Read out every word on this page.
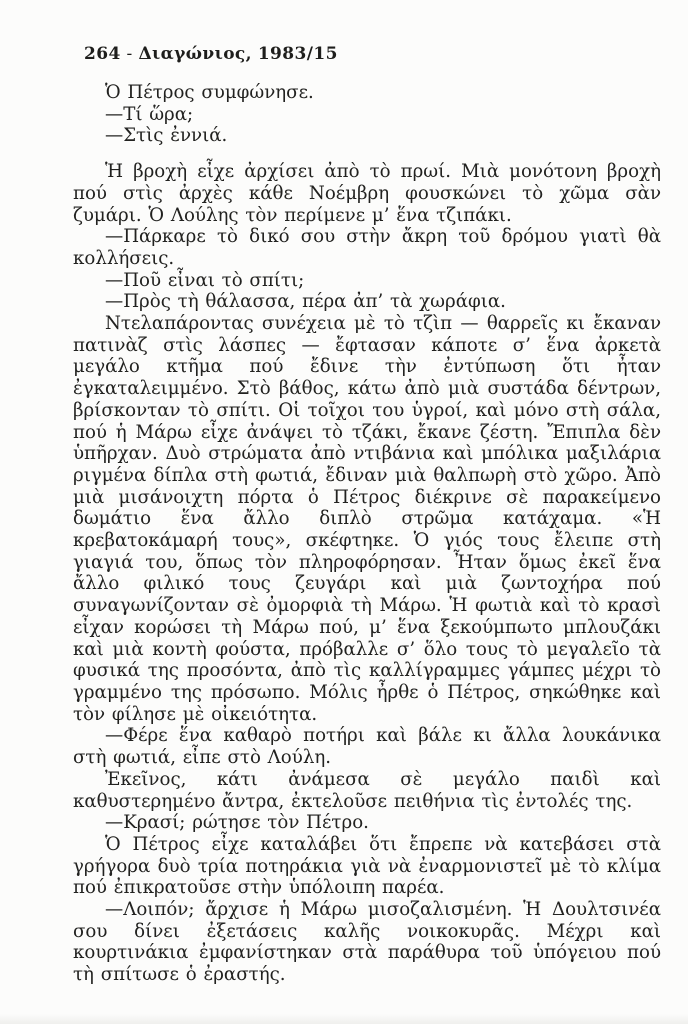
264 - Διαγώνιος, 1983/15

Ὁ Πέτρος συμφώνησε.

—Τί ὥρα;

—Στὶς ἐννιά.

Ἡ βροχὴ εἶχε ἀρχίσει ἀπὸ τὸ πρωί. Μιὰ μονότονη βροχὴ πού στὶς ἀρχὲς κάθε Νοέμβρη φουσκώνει τὸ χῶμα σὰν ζυμάρι. Ὁ Λούλης τὸν περίμενε μ’ ἕνα τζιπάκι.

—Πάρκαρε τὸ δικό σου στὴν ἄκρη τοῦ δρόμου γιατὶ θὰ κολλήσεις.

—Ποῦ εἶναι τὸ σπίτι;

—Πρὸς τὴ θάλασσα, πέρα ἀπ’ τὰ χωράφια.

Ντελαπάροντας συνέχεια μὲ τὸ τζὶπ — θαρρεῖς κι ἔκαναν πατινὰζ στὶς λάσπες — ἔφτασαν κάποτε σ’ ἕνα ἀρκετὰ μεγάλο κτῆμα πού ἔδινε τὴν ἐντύπωση ὅτι ἦταν ἐγκαταλειμμένο. Στὸ βάθος, κάτω ἀπὸ μιὰ συστάδα δέντρων, βρίσκονταν τὸ σπίτι. Οἱ τοῖχοι του ὑγροί, καὶ μόνο στὴ σάλα, πού ἡ Μάρω εἶχε ἀνάψει τὸ τζάκι, ἔκανε ζέστη. Ἔπιπλα δὲν ὑπῆρχαν. Δυὸ στρώματα ἀπὸ ντιβάνια καὶ μπόλικα μαξιλάρια ριγμένα δίπλα στὴ φωτιά, ἔδιναν μιὰ θαλπωρὴ στὸ χῶρο. Ἀπὸ μιὰ μισάνοιχτη πόρτα ὁ Πέτρος διέκρινε σὲ παρακείμενο δωμάτιο ἕνα ἄλλο διπλὸ στρῶμα κατάχαμα. «Ἡ κρεβατοκάμαρή τους», σκέφτηκε. Ὁ γιός τους ἔλειπε στὴ γιαγιά του, ὅπως τὸν πληροφόρησαν. Ἦταν ὅμως ἐκεῖ ἕνα ἄλλο φιλικό τους ζευγάρι καὶ μιὰ ζωντοχήρα πού συναγωνίζονταν σὲ ὀμορφιὰ τὴ Μάρω. Ἡ φωτιὰ καὶ τὸ κρασὶ εἶχαν κορώσει τὴ Μάρω πού, μ’ ἕνα ξεκούμπωτο μπλουζάκι καὶ μιὰ κοντὴ φούστα, πρόβαλλε σ’ ὅλο τους τὸ μεγαλεῖο τὰ φυσικά της προσόντα, ἀπὸ τὶς καλλίγραμμες γάμπες μέχρι τὸ γραμμένο της πρόσωπο. Μόλις ἦρθε ὁ Πέτρος, σηκώθηκε καὶ τὸν φίλησε μὲ οἰκειότητα.

—Φέρε ἕνα καθαρὸ ποτήρι καὶ βάλε κι ἄλλα λουκάνικα στὴ φωτιά, εἶπε στὸ Λούλη.

Ἐκεῖνος, κάτι ἀνάμεσα σὲ μεγάλο παιδὶ καὶ καθυστερημένο ἄντρα, ἐκτελοῦσε πειθήνια τὶς ἐντολές της.

—Κρασί; ρώτησε τὸν Πέτρο.

Ὁ Πέτρος εἶχε καταλάβει ὅτι ἔπρεπε νὰ κατεβάσει στὰ γρήγορα δυὸ τρία ποτηράκια γιὰ νὰ ἐναρμονιστεῖ μὲ τὸ κλίμα πού ἐπικρατοῦσε στὴν ὑπόλοιπη παρέα.

—Λοιπόν; ἄρχισε ἡ Μάρω μισοζαλισμένη. Ἡ Δουλτσινέα σου δίνει ἐξετάσεις καλῆς νοικοκυρᾶς. Μέχρι καὶ κουρτινάκια ἐμφανίστηκαν στὰ παράθυρα τοῦ ὑπόγειου πού τὴ σπίτωσε ὁ ἐραστής.
